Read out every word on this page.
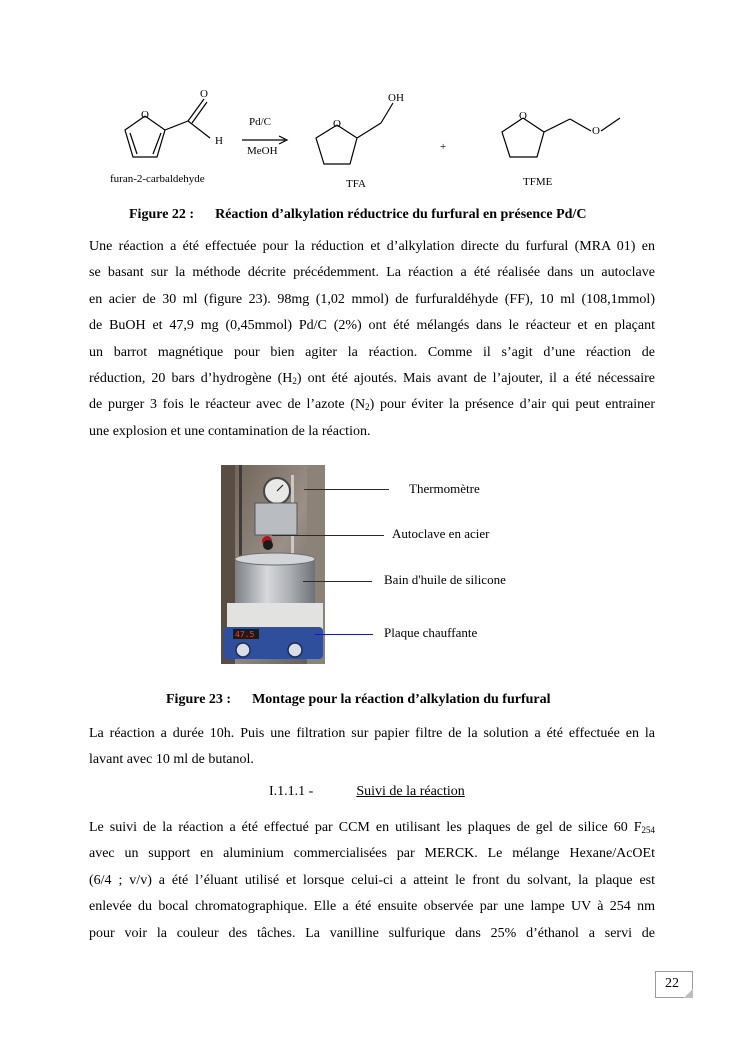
O
O
H
O
OH
O
O
Pd/C
MeOH	+
furan-2-carbaldehyde	TFA	TFME
Figure 22 : Réaction d’alkylation réductrice du furfural en présence Pd/C
Une réaction a été effectuée pour la réduction et d’alkylation directe du furfural (MRA 01) en
se basant sur la méthode décrite précédemment. La réaction a été réalisée dans un autoclave
en acier de 30 ml (figure 23). 98mg (1,02 mmol) de furfuraldéhyde (FF), 10 ml (108,1mmol)
de BuOH et 47,9 mg (0,45mmol) Pd/C (2%) ont été mélangés dans le réacteur et en plaçant
un barrot magnétique pour bien agiter la réaction. Comme il s’agit d’une réaction de
réduction, 20 bars d’hydrogène $(H_2)$ ont été ajoutés. Mais avant de l’ajouter, il a été nécessaire
de purger 3 fois le réacteur avec de l’azote $(N_2)$ pour éviter la présence d’air qui peut entrainer
une explosion et une contamination de la réaction.
47.5
Thermomètre
Autoclave en acier
Bain d'huile de silicone
Plaque chauffante
Figure 23 : Montage pour la réaction d’alkylation du furfural
La réaction a durée 10h. Puis une filtration sur papier filtre de la solution a été effectuée en la
lavant avec 10 ml de butanol.
I.1.1.1 -	Suivi de la réaction
Le suivi de la réaction a été effectué par CCM en utilisant les plaques de gel de silice 60 $F_{254}$
avec un support en aluminium commercialisées par MERCK. Le mélange Hexane/AcOEt
(6/4 ; v/v) a été l’éluant utilisé et lorsque celui-ci a atteint le front du solvant, la plaque est
enlevée du bocal chromatographique. Elle a été ensuite observée par une lampe UV à 254 nm
pour voir la couleur des tâches. La vanilline sulfurique dans 25% d’éthanol a servi de
22
